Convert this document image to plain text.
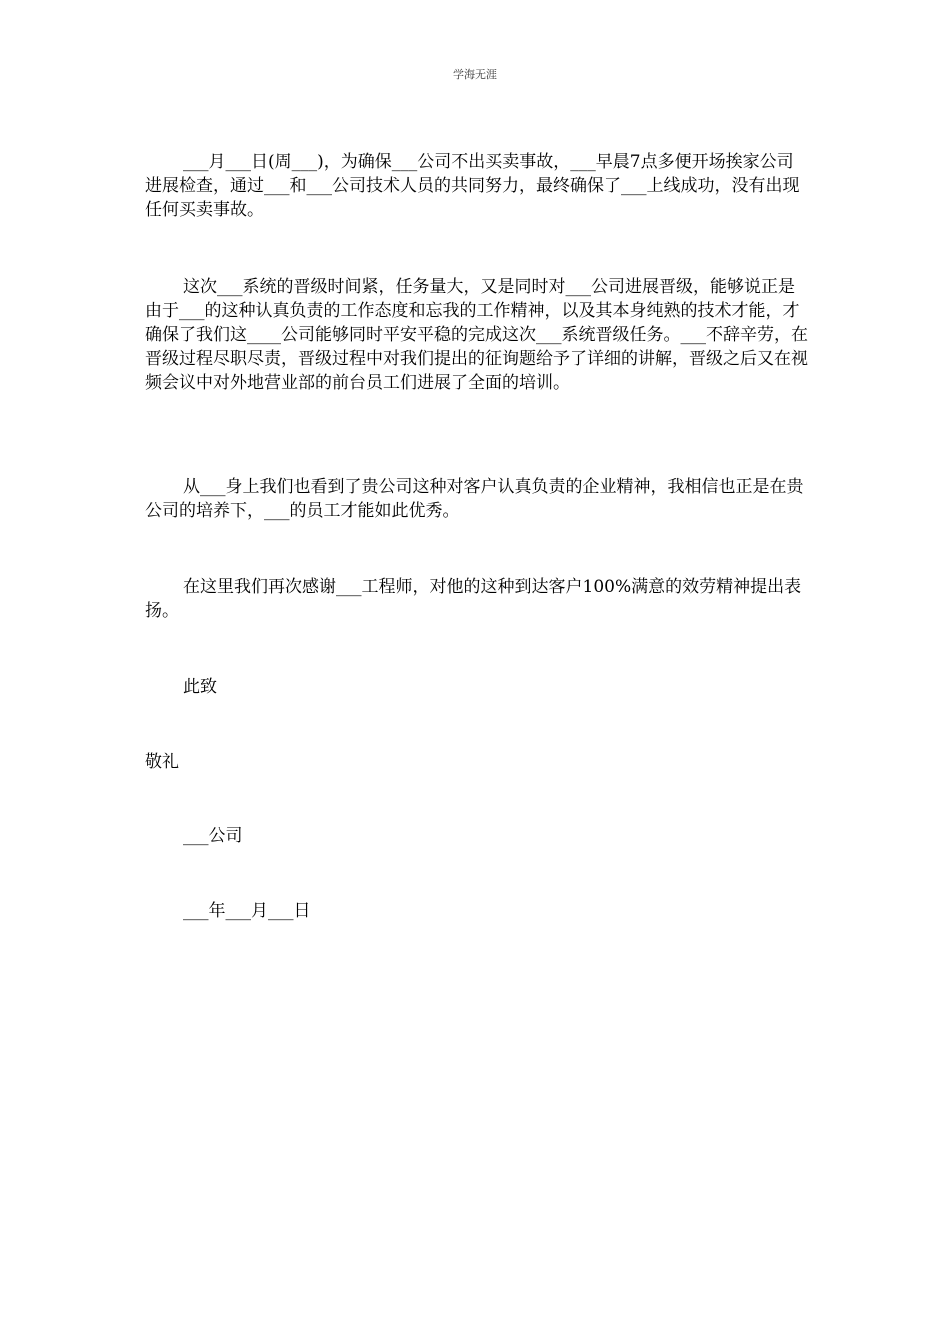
学海无涯

___月___日(周___)，为确保___公司不出买卖事故，___早晨7点多便开场挨家公司进展检查，通过___和___公司技术人员的共同努力，最终确保了___上线成功，没有出现任何买卖事故。

这次___系统的晋级时间紧，任务量大，又是同时对___公司进展晋级，能够说正是由于___的这种认真负责的工作态度和忘我的工作精神，以及其本身纯熟的技术才能，才确保了我们这____公司能够同时平安平稳的完成这次___系统晋级任务。___不辞辛劳，在晋级过程尽职尽责，晋级过程中对我们提出的征询题给予了详细的讲解，晋级之后又在视频会议中对外地营业部的前台员工们进展了全面的培训。

从___身上我们也看到了贵公司这种对客户认真负责的企业精神，我相信也正是在贵公司的培养下，___的员工才能如此优秀。

在这里我们再次感谢___工程师，对他的这种到达客户100%满意的效劳精神提出表扬。

此致
敬礼
___公司
___年___月___日
